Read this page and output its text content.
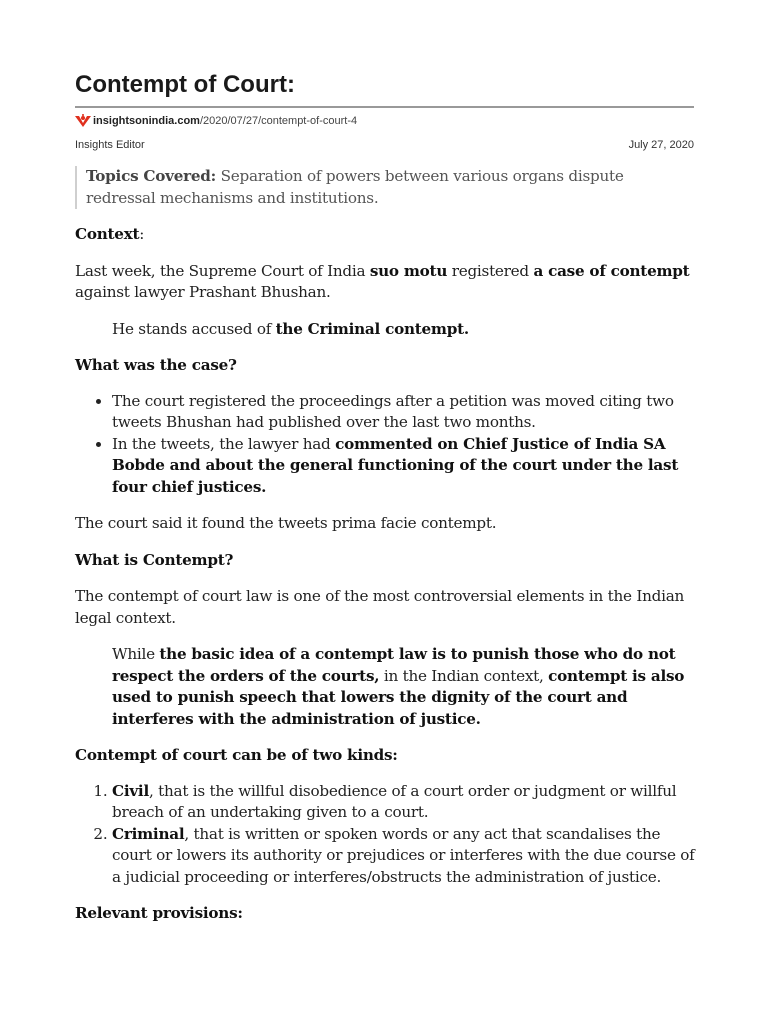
Contempt of Court:
insightsonindia.com /2020/07/27/contempt-of-court-4
Insights Editor	July 27, 2020

Topics Covered: Separation of powers between various organs dispute redressal mechanisms and institutions.

Context:

Last week, the Supreme Court of India suo motu registered a case of contempt against lawyer Prashant Bhushan.

He stands accused of the Criminal contempt.

What was the case?

• The court registered the proceedings after a petition was moved citing two tweets Bhushan had published over the last two months.
• In the tweets, the lawyer had commented on Chief Justice of India SA Bobde and about the general functioning of the court under the last four chief justices.

The court said it found the tweets prima facie contempt.

What is Contempt?

The contempt of court law is one of the most controversial elements in the Indian legal context.

While the basic idea of a contempt law is to punish those who do not respect the orders of the courts, in the Indian context, contempt is also used to punish speech that lowers the dignity of the court and interferes with the administration of justice.

Contempt of court can be of two kinds:

1. Civil, that is the willful disobedience of a court order or judgment or willful breach of an undertaking given to a court.
2. Criminal, that is written or spoken words or any act that scandalises the court or lowers its authority or prejudices or interferes with the due course of a judicial proceeding or interferes/obstructs the administration of justice.

Relevant provisions:
